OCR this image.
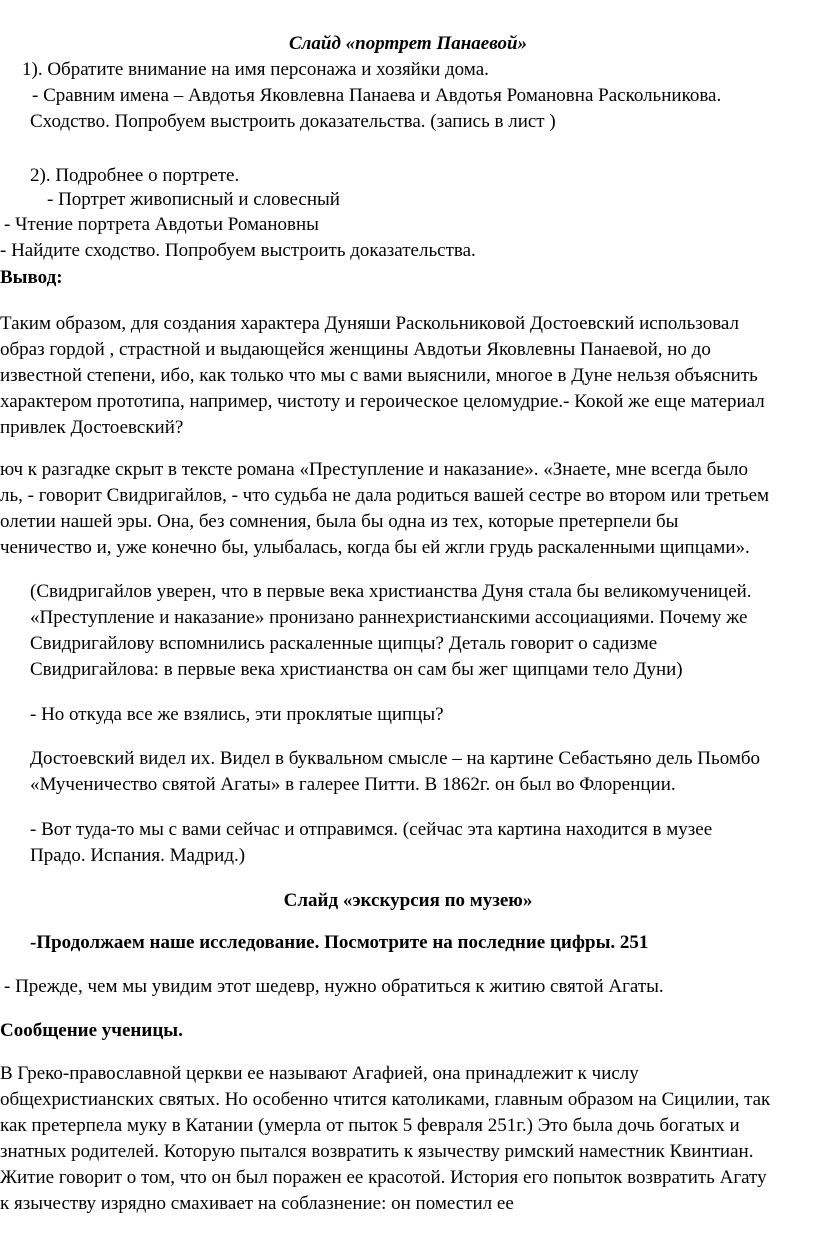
Слайд «портрет Панаевой»
1). Обратите внимание на имя персонажа и хозяйки дома.
- Сравним имена – Авдотья Яковлевна Панаева и Авдотья Романовна Раскольникова.
Сходство. Попробуем выстроить доказательства. (запись в лист )
2). Подробнее о портрете.
- Портрет живописный и словесный
- Чтение портрета Авдотьи Романовны
- Найдите сходство. Попробуем выстроить доказательства.
Вывод:
Таким образом, для создания характера Дуняши Раскольниковой Достоевский использовал
образ гордой , страстной и выдающейся женщины Авдотьи Яковлевны Панаевой, но до
известной степени, ибо, как только что мы с вами выяснили, многое в Дуне нельзя объяснить
характером прототипа, например, чистоту и героическое целомудрие.- Кокой же еще материал
привлек Достоевский?
юч к разгадке скрыт в тексте романа «Преступление и наказание». «Знаете, мне всегда было
ль, - говорит Свидригайлов, - что судьба не дала родиться вашей сестре во втором или третьем
олетии нашей эры. Она, без сомнения, была бы одна из тех, которые претерпели бы
ченичество и, уже конечно бы, улыбалась, когда бы ей жгли грудь раскаленными щипцами».
(Свидригайлов уверен, что в первые века христианства Дуня стала бы великомученицей.
«Преступление и наказание» пронизано раннехристианскими ассоциациями. Почему же
Свидригайлову вспомнились раскаленные щипцы? Деталь говорит о садизме
Свидригайлова: в первые века христианства он сам бы жег щипцами тело Дуни)
- Но откуда все же взялись, эти проклятые щипцы?
Достоевский видел их. Видел в буквальном смысле – на картине Себастьяно дель Пьомбо
«Мученичество святой Агаты» в галерее Питти. В 1862г. он был во Флоренции.
- Вот туда-то мы с вами сейчас и отправимся. (сейчас эта картина находится в музее
Прадо. Испания. Мадрид.)
Слайд «экскурсия по музею»
-Продолжаем наше исследование. Посмотрите на последние цифры. 251
- Прежде, чем мы увидим этот шедевр, нужно обратиться к житию святой Агаты.
Сообщение ученицы.
В Греко-православной церкви ее называют Агафией, она принадлежит к числу
общехристианских святых. Но особенно чтится католиками, главным образом на Сицилии, так
как претерпела муку в Катании (умерла от пыток 5 февраля 251г.) Это была дочь богатых и
знатных родителей. Которую пытался возвратить к язычеству римский наместник Квинтиан.
Житие говорит о том, что он был поражен ее красотой. История его попыток возвратить Агату
к язычеству изрядно смахивает на соблазнение: он поместил ее
